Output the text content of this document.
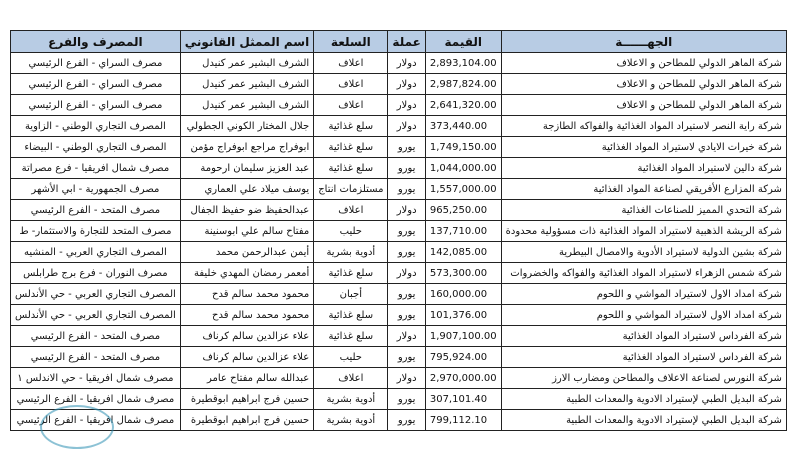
الجهــــــة	القيمة	عملة	السلعة	اسم الممثل القانوني	المصرف والفرع
شركة الماهر الدولي للمطاحن و الاعلاف	2,893,104.00	دولار	اعلاف	الشرف البشير عمر كنيدل	مصرف السراي - الفرع الرئيسي
شركة الماهر الدولي للمطاحن و الاعلاف	2,987,824.00	دولار	اعلاف	الشرف البشير عمر كنيدل	مصرف السراي - الفرع الرئيسي
شركة الماهر الدولي للمطاحن و الاعلاف	2,641,320.00	دولار	اعلاف	الشرف البشير عمر كنيدل	مصرف السراي - الفرع الرئيسي
شركة راية النصر لاستيراد المواد الغذائية والفواكه الطازجة	373,440.00	دولار	سلع غذائية	جلال المختار الكوني الجطولي	المصرف التجاري الوطني - الزاوية
شركة خيرات الايادي لاستيراد المواد الغذائية	1,749,150.00	يورو	سلع غذائية	ابوفراج مراجع ابوفراج مؤمن	المصرف التجاري الوطني - البيضاء
شركة دالين لاستيراد المواد الغذائية	1,044,000.00	يورو	سلع غذائية	عبد العزيز سليمان ارحومة	مصرف شمال افريقيا - فرع مصراتة
شركة المزارع الأفريقي لصناعة المواد الغذائية	1,557,000.00	يورو	مستلزمات انتاج	يوسف ميلاد علي العماري	مصرف الجمهورية - ابي الأشهر
شركة التحدي المميز للصناعات الغذائية	965,250.00	دولار	اعلاف	عبدالحفيظ ضو حفيظ الجفال	مصرف المتحد - الفرع الرئيسي
شركة الريشة الذهبية لاستيراد المواد الغذائية ذات مسؤولية محدودة	137,710.00	يورو	حليب	مفتاح سالم علي ابوسنينة	مصرف المتحد للتجارة والاستثمار- ط
شركة بشين الدولية لاستيراد الأدوية والامصال البيطرية	142,085.00	يورو	أدوية بشرية	أيمن عبدالرحمن محمد	المصرف التجاري العربي - المنشيه
شركة شمس الزهراء لاستيراد المواد الغذائية والفواكه والخضروات	573,300.00	دولار	سلع غذائية	أمعمر رمضان المهدي خليفة	مصرف النوران - فرع برج طرابلس
شركة امداد الاول لاستيراد المواشي و اللحوم	160,000.00	يورو	أجبان	محمود محمد سالم قدح	المصرف التجاري العربي - حي الأندلس
شركة امداد الاول لاستيراد المواشي و اللحوم	101,376.00	يورو	سلع غذائية	محمود محمد سالم قدح	المصرف التجاري العربي - حي الأندلس
شركة الفرداس لاستيراد المواد الغذائية	1,907,100.00	دولار	سلع غذائية	علاء عزالدين سالم كرناف	مصرف المتحد - الفرع الرئيسي
شركة الفرداس لاستيراد المواد الغذائية	795,924.00	يورو	حليب	علاء عزالدين سالم كرناف	مصرف المتحد - الفرع الرئيسي
شركة النورس لصناعة الاعلاف والمطاحن ومضارب الارز	2,970,000.00	دولار	اعلاف	عبدالله سالم مفتاح عامر	مصرف شمال افريقيا - حي الاندلس ١
شركة البديل الطبي لإستيراد الادوية والمعدات الطبية	307,101.40	يورو	أدوية بشرية	حسين فرج ابراهيم ابوقطيرة	مصرف شمال افريقيا - الفرع الرئيسي
شركة البديل الطبي لإستيراد الادوية والمعدات الطبية	799,112.10	يورو	أدوية بشرية	حسين فرج ابراهيم ابوقطيرة	مصرف شمال افريقيا - الفرع الرئيسي
